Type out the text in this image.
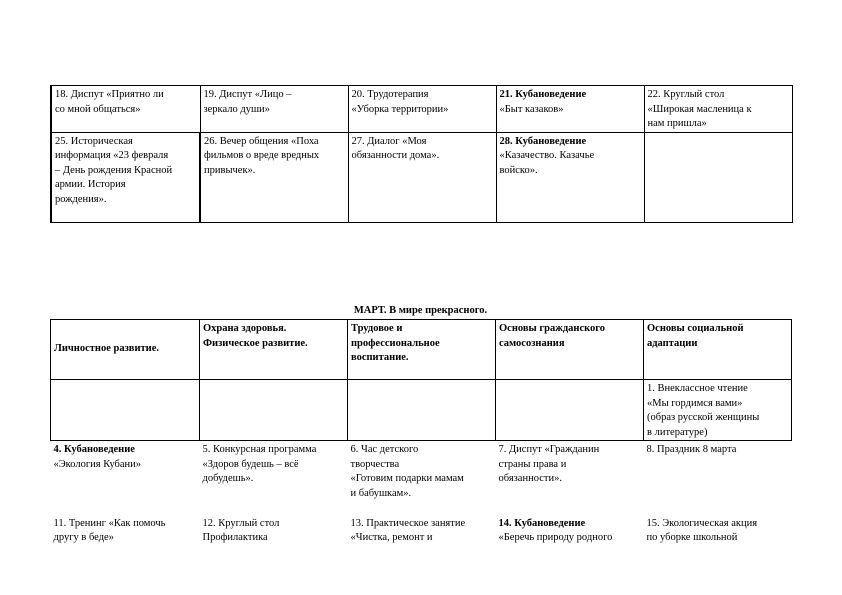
18. Диспут «Приятно ли
со мной общаться»	19. Диспут «Лицо –
зеркало души»	20. Трудотерапия
«Уборка территории»	21. Кубановедение
«Быт казаков»	22. Круглый стол
«Широкая масленица к
нам пришла»
25. Историческая
информация «23 февраля
– День рождения Красной
армии. История
рождения».	26. Вечер общения «Поха
фильмов о вреде вредных
привычек».	27. Диалог «Моя
обязанности дома».	28. Кубановедение
«Казачество. Казачье
войско».	
МАРТ. В мире прекрасного.
Личностное развитие.	Охрана здоровья.
Физическое развитие.	Трудовое и
профессиональное
воспитание.	Основы гражданского
самосознания	Основы социальной
адаптации
				1. Внеклассное чтение
«Мы гордимся вами»
(образ русской женщины
в литературе)
4. Кубановедение
«Экология Кубани»	5. Конкурсная программа
«Здоров будешь – всё
добудешь».	6. Час детского
творчества
«Готовим подарки мамам
и бабушкам».	7. Диспут «Гражданин
страны права и
обязанности».	8. Праздник 8 марта
11. Тренинг «Как помочь
другу в беде»	12. Круглый стол
Профилактика	13. Практическое занятие
«Чистка, ремонт и	14. Кубановедение
«Беречь природу родного	15. Экологическая акция
по уборке школьной
